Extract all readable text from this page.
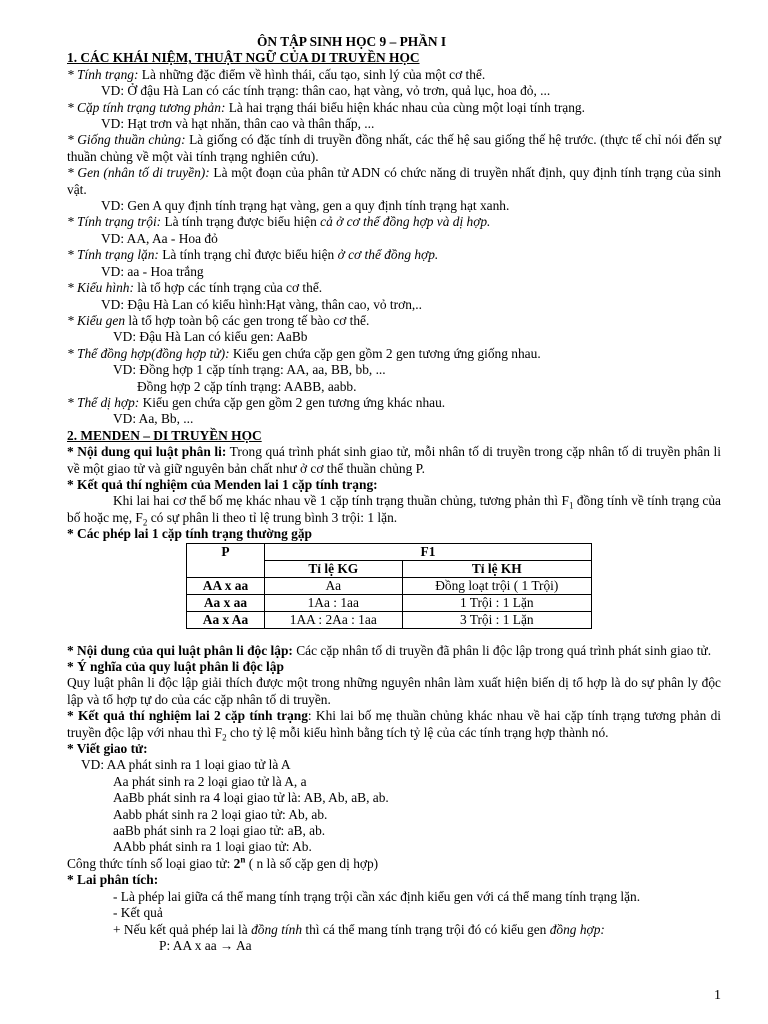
ÔN TẬP SINH HỌC 9 – PHẦN I
1. CÁC KHÁI NIỆM, THUẬT NGỮ CỦA DI TRUYỀN HỌC

* Tính trạng: Là những đặc điểm về hình thái, cấu tạo, sinh lý của một cơ thể.

VD: Ở đậu Hà Lan có các tính trạng: thân cao, hạt vàng, vỏ trơn, quả lục, hoa đỏ, ...

* Cặp tính trạng tương phản: Là hai trạng thái biểu hiện khác nhau của cùng một loại tính trạng.

VD: Hạt trơn và hạt nhăn, thân cao và thân thấp, ...

* Giống thuần chủng: Là giống có đặc tính di truyền đồng nhất, các thế hệ sau giống thế hệ trước. (thực tế chỉ nói đến sự thuần chủng về một vài tính trạng nghiên cứu).

* Gen (nhân tố di truyền): Là một đoạn của phân tử ADN có chức năng di truyền nhất định, quy định tính trạng của sinh vật.

VD: Gen A quy định tính trạng hạt vàng, gen a quy định tính trạng hạt xanh.

* Tính trạng trội: Là tính trạng được biểu hiện cả ở cơ thể đồng hợp và dị hợp.

VD: AA, Aa - Hoa đỏ

* Tính trạng lặn: Là tính trạng chỉ được biểu hiện ở cơ thể đồng hợp.

VD: aa - Hoa trắng

* Kiểu hình: là tổ hợp các tính trạng của cơ thể.

VD: Đậu Hà Lan có kiểu hình:Hạt vàng, thân cao, vỏ trơn,..

* Kiểu gen là tổ hợp toàn bộ các gen trong tế bào cơ thể.

VD: Đậu Hà Lan có kiểu gen: AaBb

* Thể đồng hợp(đồng hợp tử): Kiểu gen chứa cặp gen gồm 2 gen tương ứng giống nhau.

VD: Đồng hợp 1 cặp tính trạng: AA, aa, BB, bb, ...

Đồng hợp 2 cặp tính trạng: AABB, aabb.

* Thể dị hợp: Kiểu gen chứa cặp gen gồm 2 gen tương ứng khác nhau.

VD: Aa, Bb, ...

2. MENDEN – DI TRUYỀN HỌC

* Nội dung qui luật phân li: Trong quá trình phát sinh giao tử, mỗi nhân tố di truyền trong cặp nhân tố di truyền phân li về một giao tử và giữ nguyên bản chất như ở cơ thể thuần chủng P.

* Kết quả thí nghiệm của Menden lai 1 cặp tính trạng:

Khi lai hai cơ thể bố mẹ khác nhau về 1 cặp tính trạng thuần chủng, tương phản thì $F_1$ đồng tính về tính trạng của bố hoặc mẹ, $F_2$ có sự phân li theo tỉ lệ trung bình 3 trội: 1 lặn.

* Các phép lai 1 cặp tính trạng thường gặp

P	F1	
	Tỉ lệ KG	Tỉ lệ KH
AA x aa	Aa	Đồng loạt trội ( 1 Trội)
Aa x aa	1Aa : 1aa	1 Trội : 1 Lặn
Aa x Aa	1AA : 2Aa : 1aa	3 Trội : 1 Lặn

* Nội dung của qui luật phân li độc lập: Các cặp nhân tố di truyền đã phân li độc lập trong quá trình phát sinh giao tử.

* Ý nghĩa của quy luật phân li độc lập

Quy luật phân li độc lập giải thích được một trong những nguyên nhân làm xuất hiện biến dị tổ hợp là do sự phân ly độc lập và tổ hợp tự do của các cặp nhân tố di truyền.

* Kết quả thí nghiệm lai 2 cặp tính trạng: Khi lai bố mẹ thuần chủng khác nhau về hai cặp tính trạng tương phản di truyền độc lập với nhau thì $F_2$ cho tỷ lệ mỗi kiểu hình bằng tích tỷ lệ của các tính trạng hợp thành nó.

* Viết giao tử:

VD: AA phát sinh ra 1 loại giao tử là A

Aa phát sinh ra 2 loại giao tử là A, a

AaBb phát sinh ra 4 loại giao tử là: AB, Ab, aB, ab.

Aabb phát sinh ra 2 loại giao tử: Ab, ab.

aaBb phát sinh ra 2 loại giao tử: aB, ab.

AAbb phát sinh ra 1 loại giao tử: Ab.

Công thức tính số loại giao tử: 2$^n$ ( n là số cặp gen dị hợp)

* Lai phân tích:

- Là phép lai giữa cá thể mang tính trạng trội cần xác định kiểu gen với cá thể mang tính trạng lặn.

- Kết quả

+ Nếu kết quả phép lai là đồng tính thì cá thể mang tính trạng trội đó có kiểu gen đồng hợp:

P: AA x aa → Aa

1
